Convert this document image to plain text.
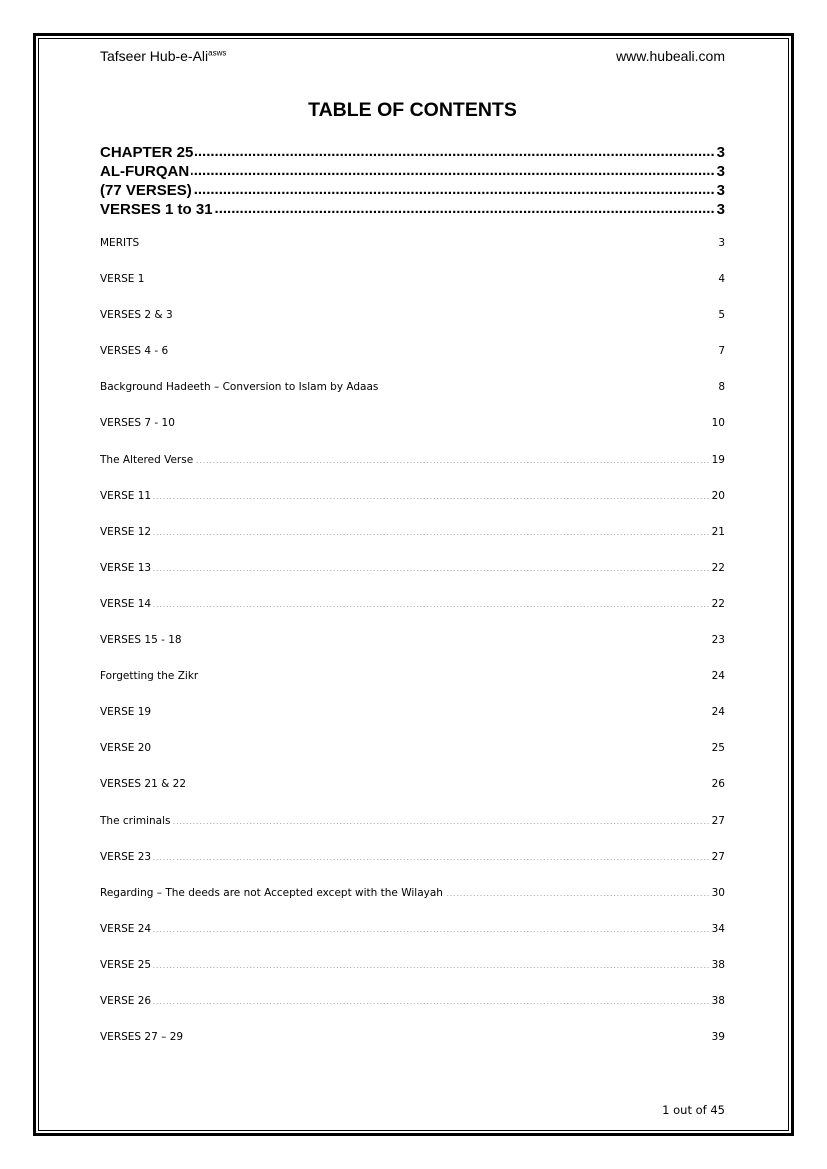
Tafseer Hub-e-Ali$^{asws}$	www.hubeali.com
TABLE OF CONTENTS
CHAPTER 25 .....	3
AL-FURQAN .....	3
(77 VERSES) .....	3
VERSES 1 to 31 .....	3
MERITS .....	3
VERSE 1 .....	4
VERSES 2 & 3 .....	5
VERSES 4 - 6 .....	7
Background Hadeeth – Conversion to Islam by Adaas .....	8
VERSES 7 - 10 .....	10
The Altered Verse .....	19
VERSE 11 .....	20
VERSE 12 .....	21
VERSE 13 .....	22
VERSE 14 .....	22
VERSES 15 - 18 .....	23
Forgetting the Zikr .....	24
VERSE 19 .....	24
VERSE 20 .....	25
VERSES 21 & 22 .....	26
The criminals .....	27
VERSE 23 .....	27
Regarding – The deeds are not Accepted except with the Wilayah .....	30
VERSE 24 .....	34
VERSE 25 .....	38
VERSE 26 .....	38
VERSES 27 – 29 .....	39
1 out of 45
